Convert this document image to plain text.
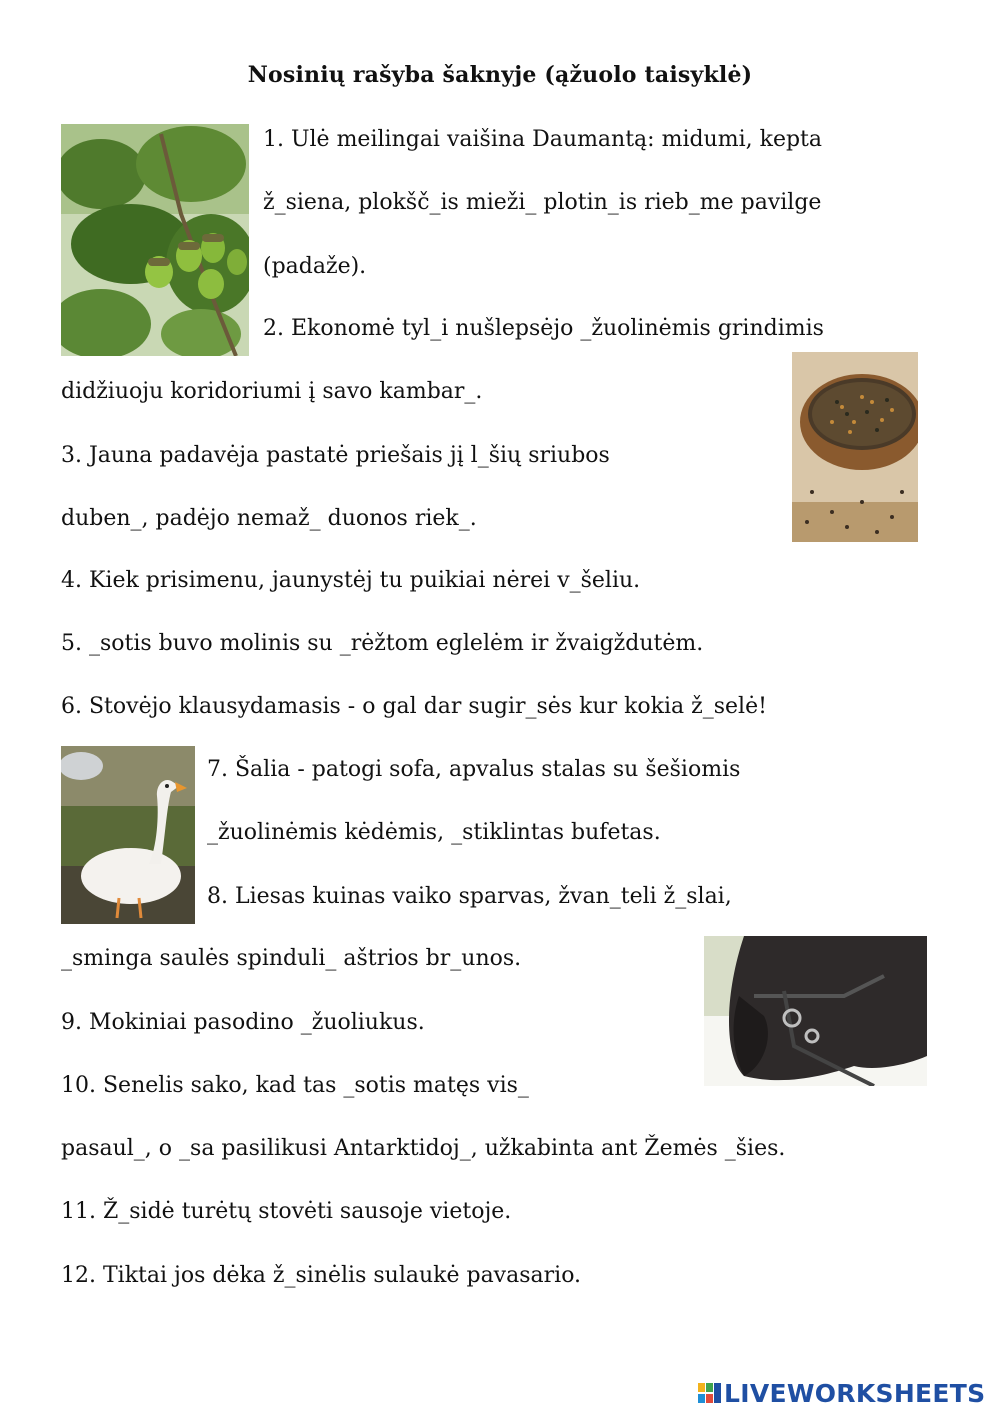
Nosinių rašyba šaknyje (ąžuolo taisyklė)
1. Ulė meilingai vaišina Daumantą: midumi, kepta
ž_siena, plokšč_is mieži_ plotin_is rieb_me pavilge
(padaže).
2. Ekonomė tyl_i nušlepsėjo _žuolinėmis grindimis
didžiuoju koridoriumi į savo kambar_.
3. Jauna padavėja pastatė priešais jį l_šių sriubos
duben_, padėjo nemaž_ duonos riek_.
4. Kiek prisimenu, jaunystėj tu puikiai nėrei v_šeliu.
5. _sotis buvo molinis su _rėžtom eglelėm ir žvaigždutėm.
6. Stovėjo klausydamasis - o gal dar sugir_sės kur kokia ž_selė!
7. Šalia - patogi sofa, apvalus stalas su šešiomis
_žuolinėmis kėdėmis, _stiklintas bufetas.
8. Liesas kuinas vaiko sparvas, žvan_teli ž_slai,
_sminga saulės spinduli_ aštrios br_unos.
9. Mokiniai pasodino _žuoliukus.
10. Senelis sako, kad tas _sotis matęs vis_
pasaul_, o _sa pasilikusi Antarktidoj_, užkabinta ant Žemės _šies.
11. Ž_sidė turėtų stovėti sausoje vietoje.
12. Tiktai jos dėka ž_sinėlis sulaukė pavasario.
LIVEWORKSHEETS
